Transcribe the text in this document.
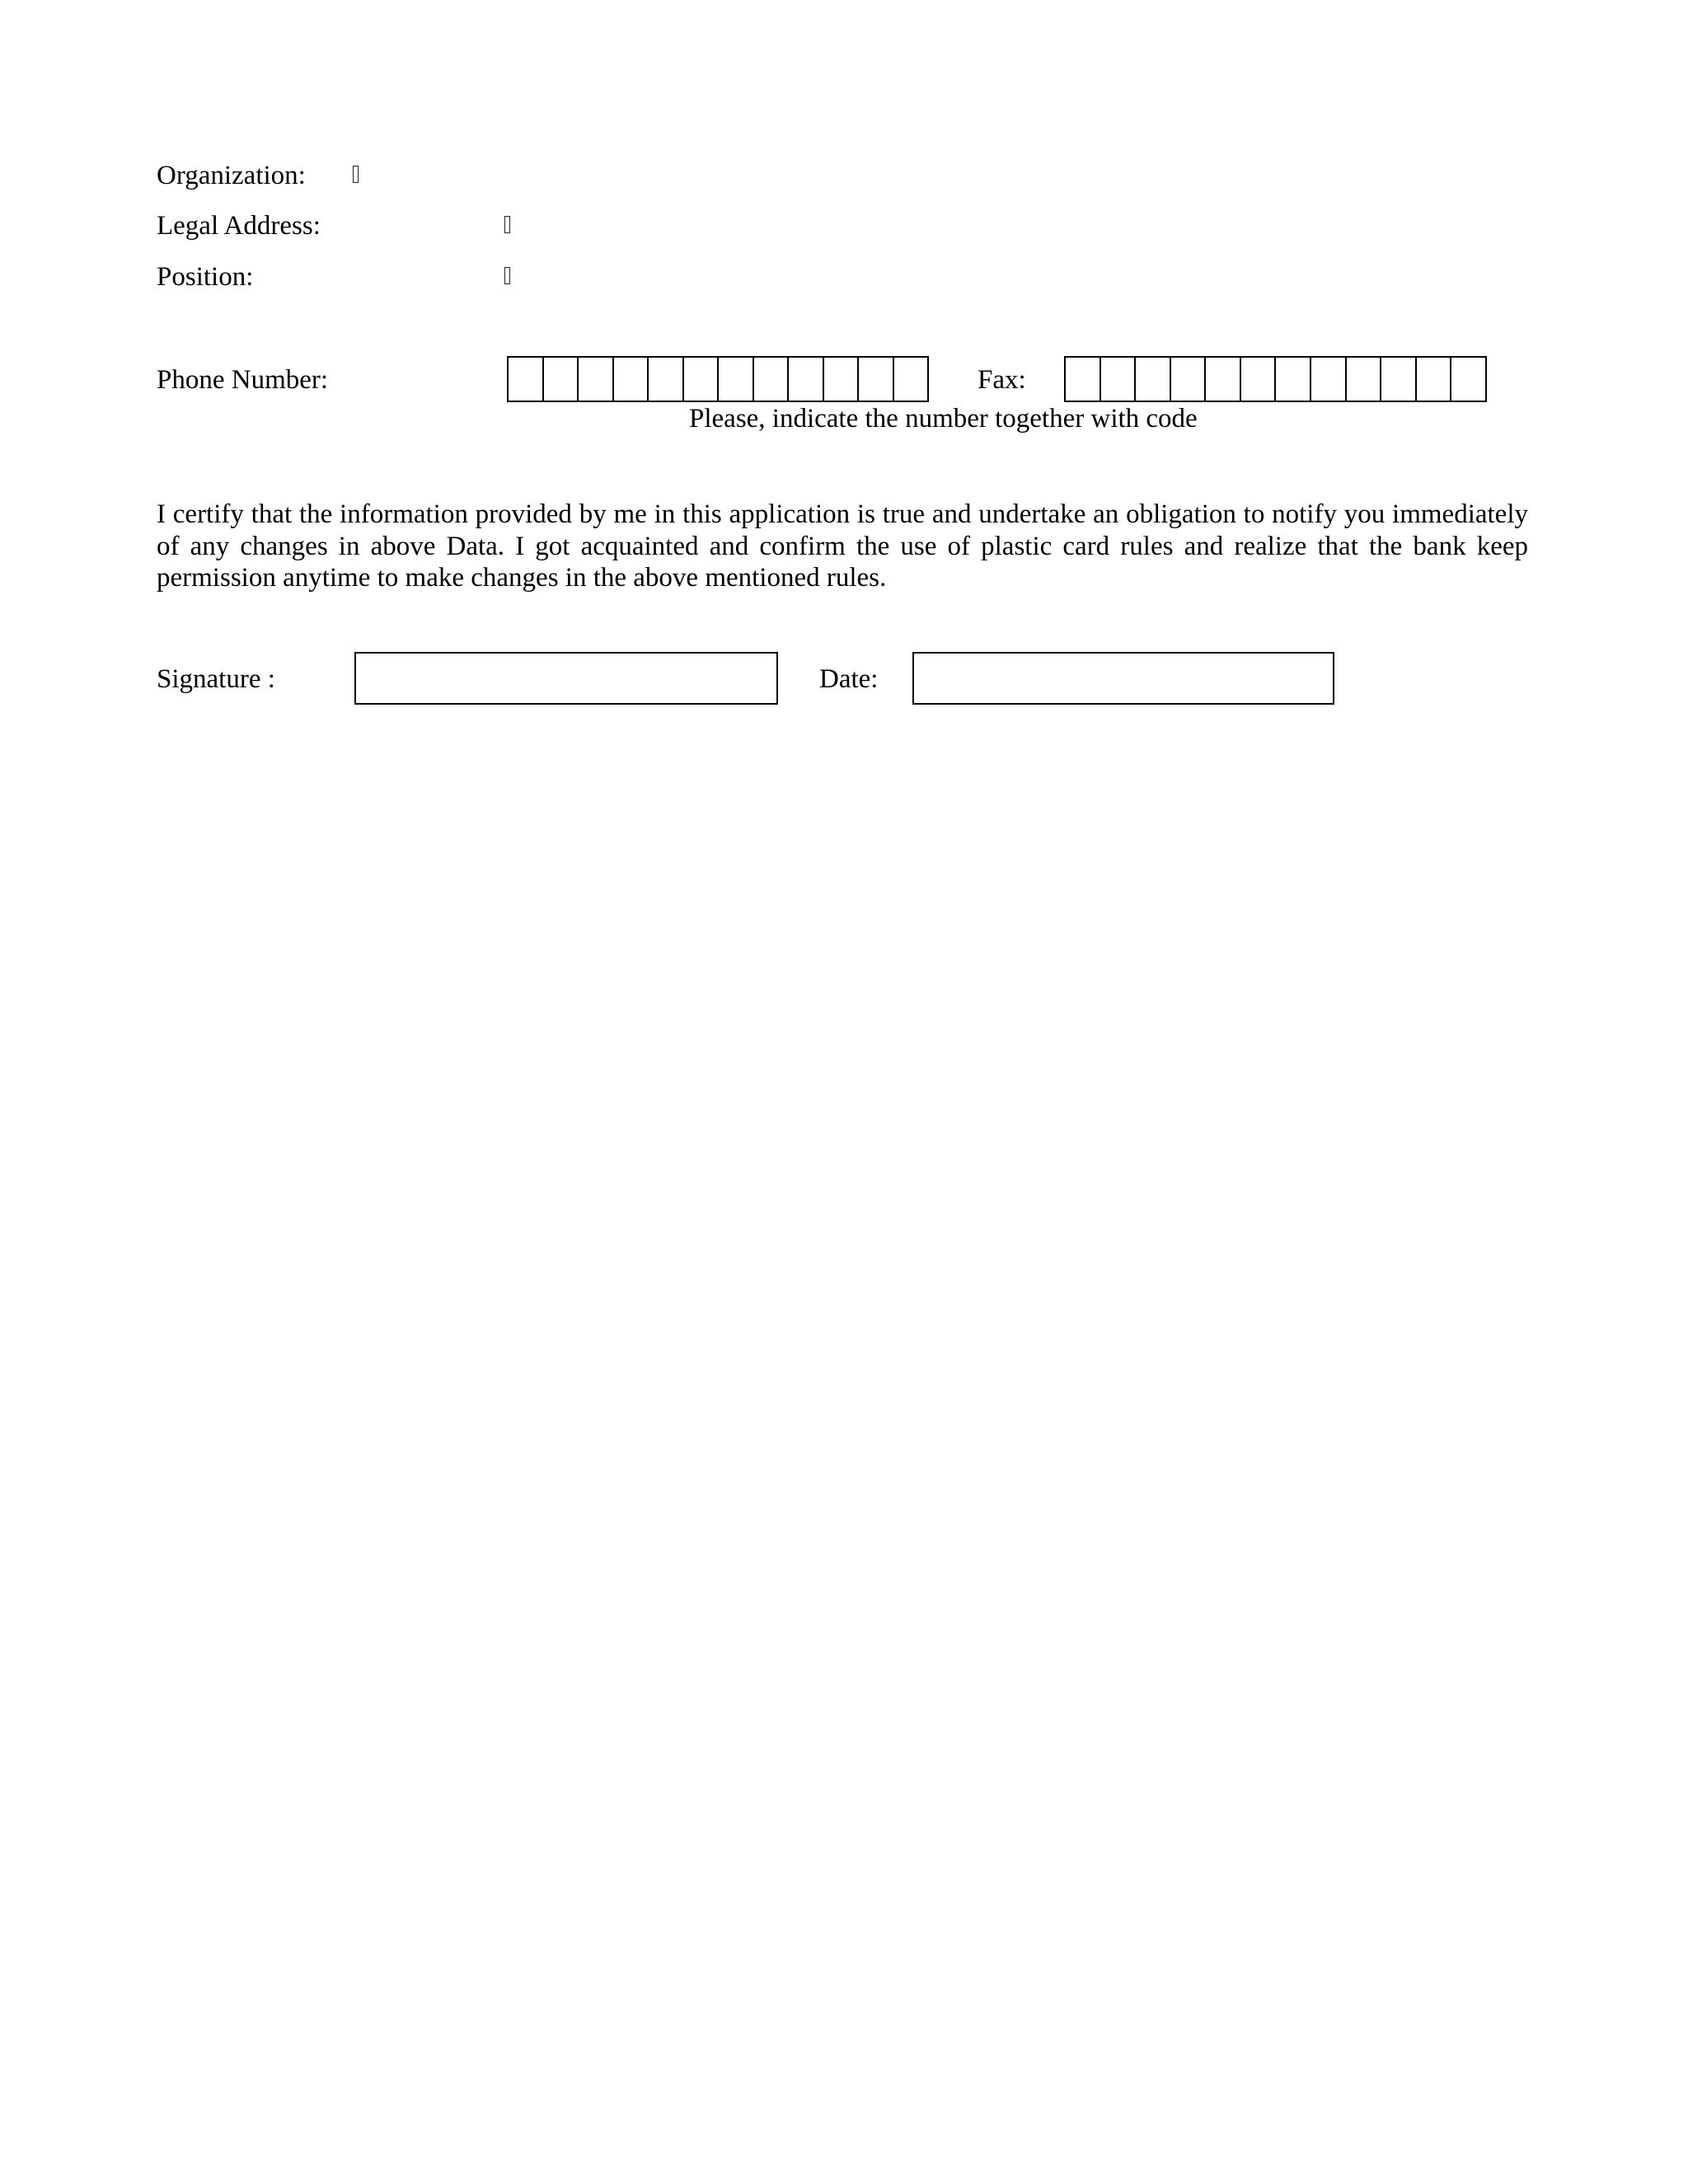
Organization:
Legal Address:
Position:
Phone Number:	Fax:
Please, indicate the number together with code
I certify that the information provided by me in this application is true and undertake an obligation to notify you immediately of any changes in above Data. I got acquainted and confirm the use of plastic card rules and realize that the bank keep permission anytime to make changes in the above mentioned rules.
Signature :	Date:
